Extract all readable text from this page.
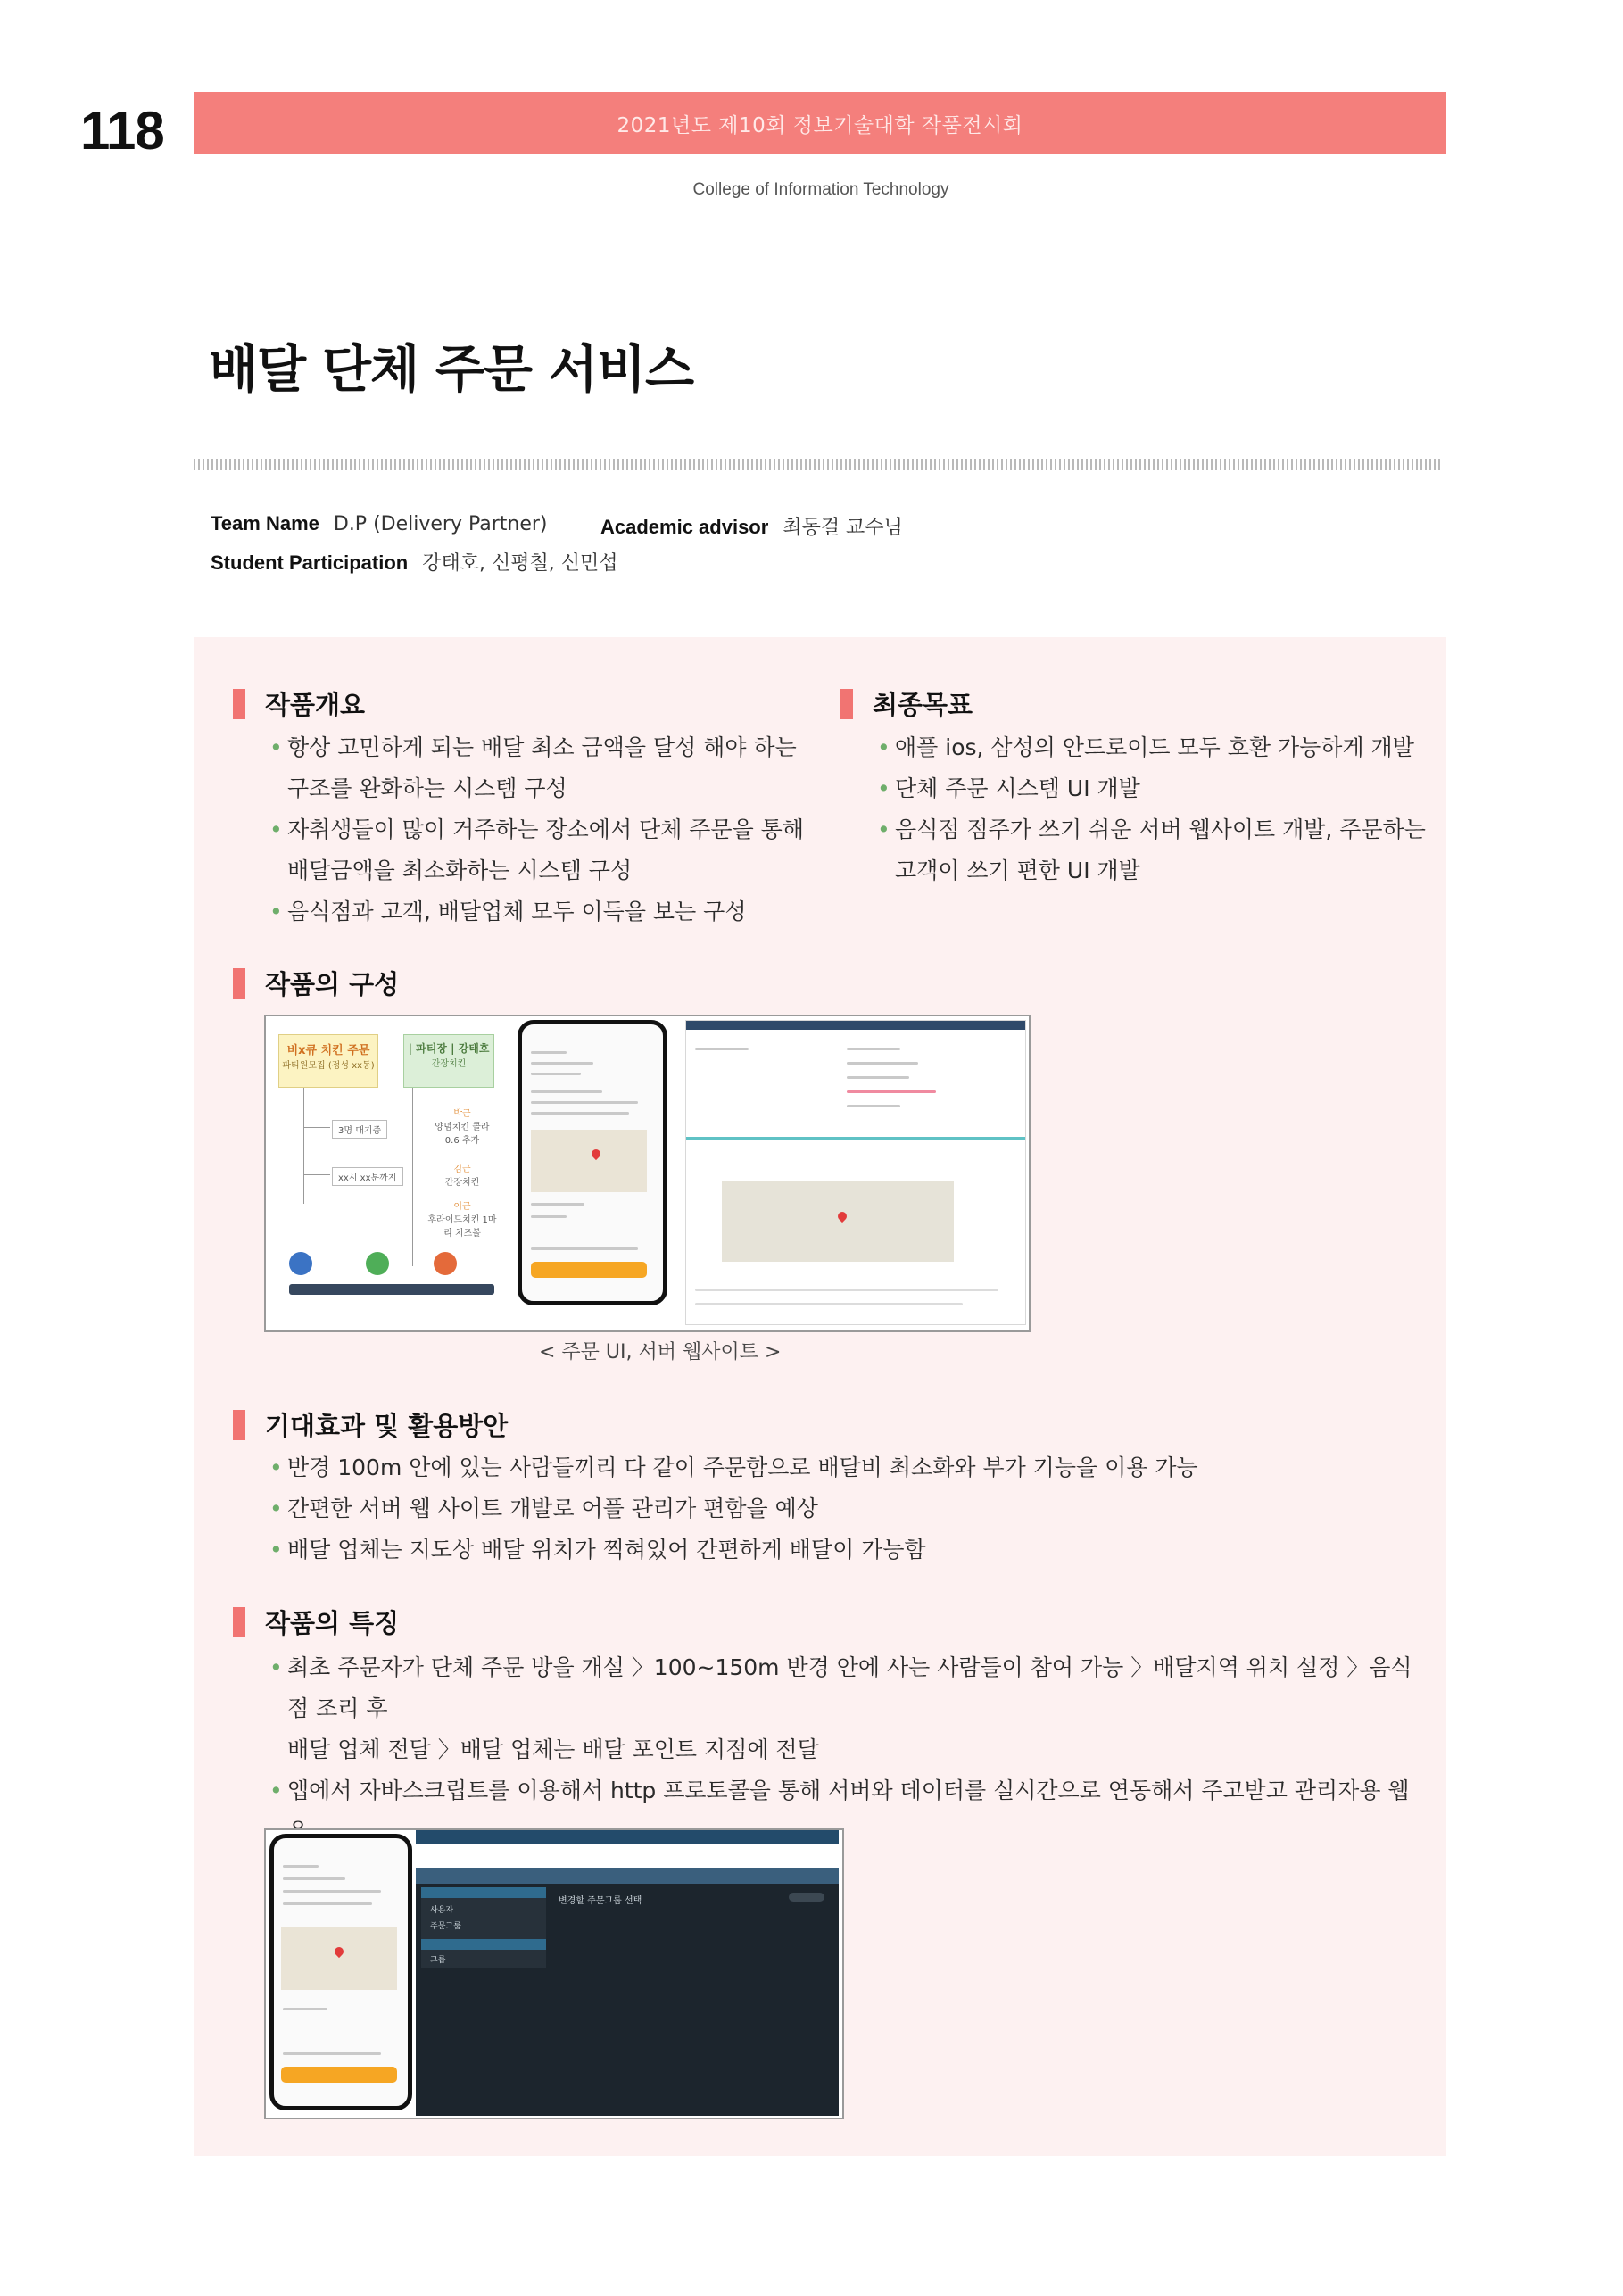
118	2021년도 제10회 정보기술대학 작품전시회
College of Information Technology
배달 단체 주문 서비스
Team Name D.P (Delivery Partner)	Academic advisor 최동걸 교수님
Student Participation 강태호, 신평철, 신민섭
작품개요
• 항상 고민하게 되는 배달 최소 금액을 달성 해야 하는
구조를 완화하는 시스템 구성
• 자취생들이 많이 거주하는 장소에서 단체 주문을 통해
배달금액을 최소화하는 시스템 구성
• 음식점과 고객, 배달업체 모두 이득을 보는 구성
최종목표
• 애플 ios, 삼성의 안드로이드 모두 호환 가능하게 개발
• 단체 주문 시스템 UI 개발
• 음식점 점주가 쓰기 쉬운 서버 웹사이트 개발, 주문하는
고객이 쓰기 편한 UI 개발
작품의 구성
비x큐 치킨 주문
파티원모집 (정성 xx동)
| 파티장 | 강태호
간장치킨
3명 대기중
xx시 xx분까지
박근
양념치킨 콜라 0.6 추가
김근
간장치킨
이근
후라이드치킨 1마리 치즈볼
< 주문 UI, 서버 웹사이트 >
기대효과 및 활용방안
• 반경 100m 안에 있는 사람들끼리 다 같이 주문함으로 배달비 최소화와 부가 기능을 이용 가능
• 간편한 서버 웹 사이트 개발로 어플 관리가 편함을 예상
• 배달 업체는 지도상 배달 위치가 찍혀있어 간편하게 배달이 가능함
작품의 특징
• 최초 주문자가 단체 주문 방을 개설 〉100~150m 반경 안에 사는 사람들이 참여 가능 〉배달지역 위치 설정 〉음식점 조리 후
배달 업체 전달 〉배달 업체는 배달 포인트 지점에 전달
• 앱에서 자바스크립트를 이용해서 http 프로토콜을 통해 서버와 데이터를 실시간으로 연동해서 주고받고 관리자용 웹
사용자
주문그룹
그룹
변경할 주문그룹 선택
